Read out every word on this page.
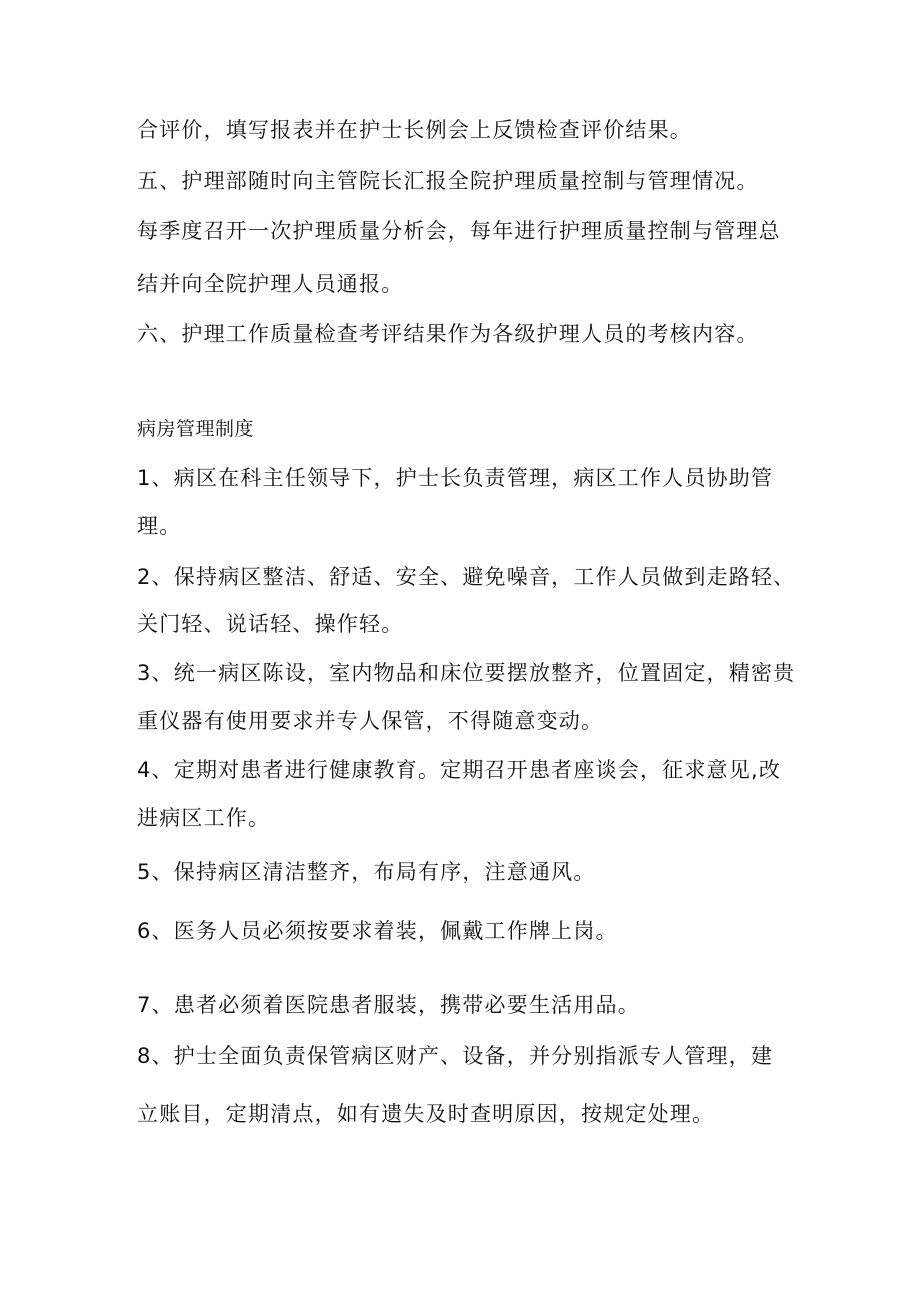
合评价，填写报表并在护士长例会上反馈检查评价结果。
五、护理部随时向主管院长汇报全院护理质量控制与管理情况。
每季度召开一次护理质量分析会，每年进行护理质量控制与管理总
结并向全院护理人员通报。
六、护理工作质量检查考评结果作为各级护理人员的考核内容。
病房管理制度
1、病区在科主任领导下，护士长负责管理，病区工作人员协助管
理。
2、保持病区整洁、舒适、安全、避免噪音，工作人员做到走路轻、
关门轻、说话轻、操作轻。
3、统一病区陈设，室内物品和床位要摆放整齐，位置固定，精密贵
重仪器有使用要求并专人保管，不得随意变动。
4、定期对患者进行健康教育。定期召开患者座谈会，征求意见,改
进病区工作。
5、保持病区清洁整齐，布局有序，注意通风。
6、医务人员必须按要求着装，佩戴工作牌上岗。
7、患者必须着医院患者服装，携带必要生活用品。
8、护士全面负责保管病区财产、设备，并分别指派专人管理，建
立账目，定期清点，如有遗失及时查明原因，按规定处理。
